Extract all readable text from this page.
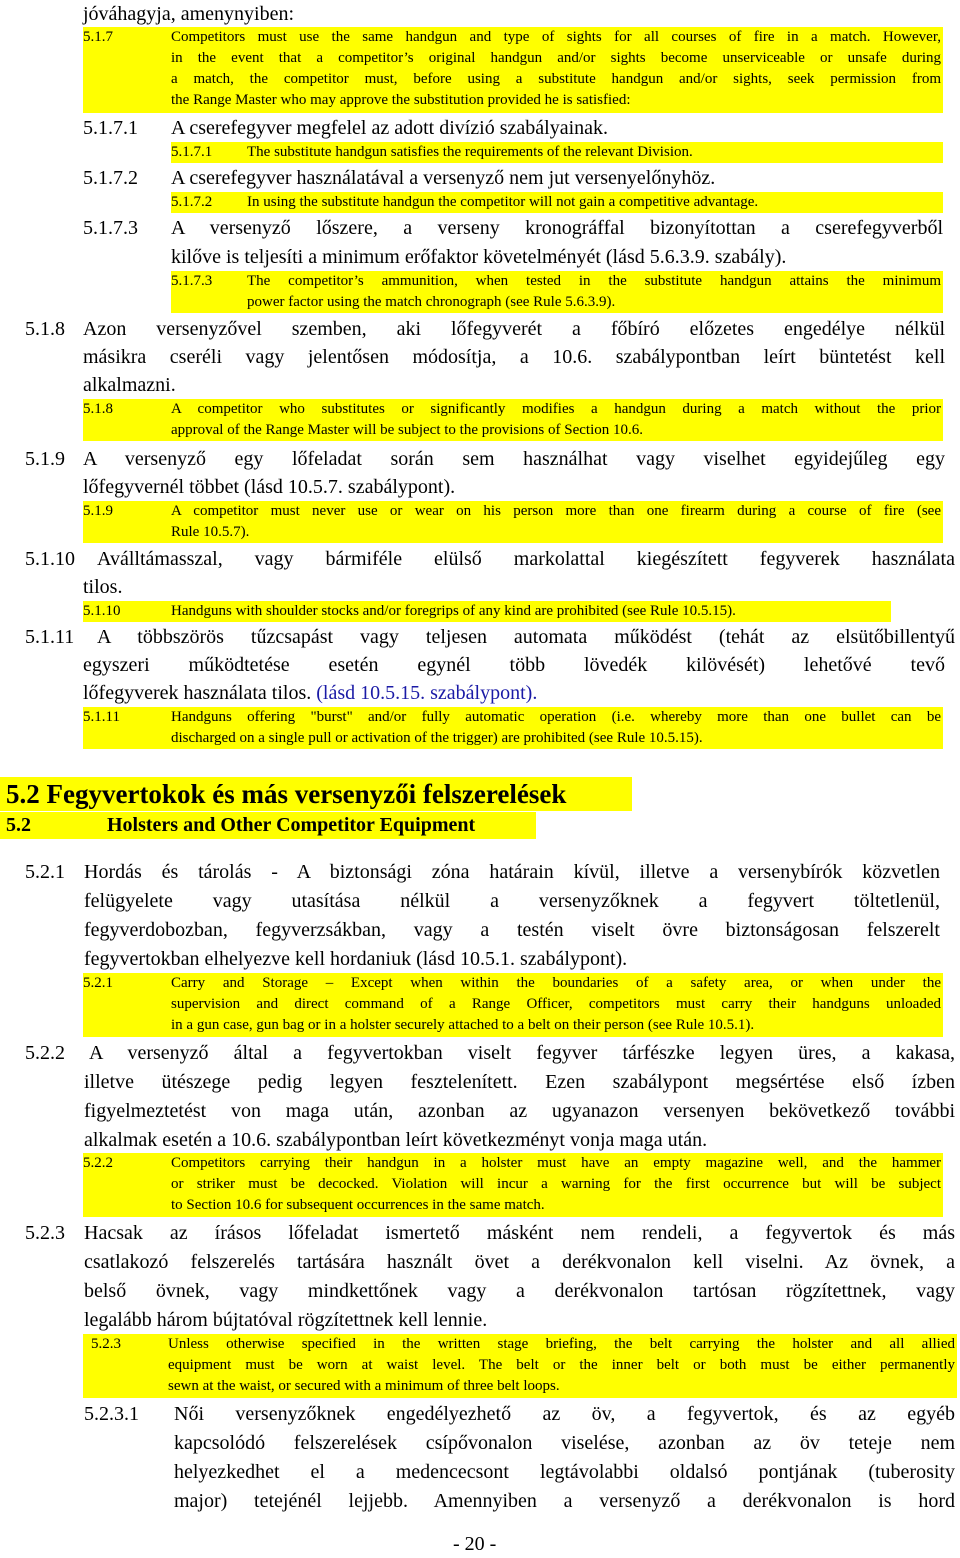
jóváhagyja, amenynyiben:
5.1.7	Competitors must use the same handgun and type of sights for all courses of fire in a match. However,
in the event that a competitor’s original handgun and/or sights become unserviceable or unsafe during
a match, the competitor must, before using a substitute handgun and/or sights, seek permission from
the Range Master who may approve the substitution provided he is satisfied:
5.1.7.1 A cserefegyver megfelel az adott divízió szabályainak.
5.1.7.1 The substitute handgun satisfies the requirements of the relevant Division.
5.1.7.2 A cserefegyver használatával a versenyző nem jut versenyelőnyhöz.
5.1.7.2 In using the substitute handgun the competitor will not gain a competitive advantage.
5.1.7.3 A versenyző lőszere, a verseny kronográffal bizonyítottan a cserefegyverből
kilőve is teljesíti a minimum erőfaktor követelményét (lásd 5.6.3.9. szabály).
5.1.7.3 The competitor’s ammunition, when tested in the substitute handgun attains the minimum
power factor using the match chronograph (see Rule 5.6.3.9).
5.1.8 Azon versenyzővel szemben, aki lőfegyverét a főbíró előzetes engedélye nélkül
másikra cseréli vagy jelentősen módosítja, a 10.6. szabálypontban leírt büntetést kell
alkalmazni.
5.1.8	A competitor who substitutes or significantly modifies a handgun during a match without the prior
approval of the Range Master will be subject to the provisions of Section 10.6.
5.1.9 A versenyző egy lőfeladat során sem használhat vagy viselhet egyidejűleg egy
lőfegyvernél többet (lásd 10.5.7. szabálypont).
5.1.9	A competitor must never use or wear on his person more than one firearm during a course of fire (see
Rule 10.5.7).
5.1.10 Aválltámasszal, vagy bármiféle elülső markolattal kiegészített fegyverek használata
tilos.
5.1.10	Handguns with shoulder stocks and/or foregrips of any kind are prohibited (see Rule 10.5.15).
5.1.11 A többszörös tűzcsapást vagy teljesen automata működést (tehát az elsütőbillentyű
egyszeri működtetése esetén egynél több lövedék kilövését) lehetővé tevő
lőfegyverek használata tilos. (lásd 10.5.15. szabálypont).
5.1.11	Handguns offering "burst" and/or fully automatic operation (i.e. whereby more than one bullet can be
discharged on a single pull or activation of the trigger) are prohibited (see Rule 10.5.15).
5.2 Fegyvertokok és más versenyzői felszerelések
5.2	Holsters and Other Competitor Equipment
5.2.1 Hordás és tárolás - A biztonsági zóna határain kívül, illetve a versenybírók közvetlen
felügyelete vagy utasítása nélkül a versenyzőknek a fegyvert töltetlenül,
fegyverdobozban, fegyverzsákban, vagy a testén viselt övre biztonságosan felszerelt
fegyvertokban elhelyezve kell hordaniuk (lásd 10.5.1. szabálypont).
5.2.1	Carry and Storage – Except when within the boundaries of a safety area, or when under the
supervision and direct command of a Range Officer, competitors must carry their handguns unloaded
in a gun case, gun bag or in a holster securely attached to a belt on their person (see Rule 10.5.1).
5.2.2 A versenyző által a fegyvertokban viselt fegyver tárfészke legyen üres, a kakasa,
illetve ütészege pedig legyen fesztelenített. Ezen szabálypont megsértése első ízben
figyelmeztetést von maga után, azonban az ugyanazon versenyen bekövetkező további
alkalmak esetén a 10.6. szabálypontban leírt következményt vonja maga után.
5.2.2	Competitors carrying their handgun in a holster must have an empty magazine well, and the hammer
or striker must be decocked. Violation will incur a warning for the first occurrence but will be subject
to Section 10.6 for subsequent occurrences in the same match.
5.2.3 Hacsak az írásos lőfeladat ismertető másként nem rendeli, a fegyvertok és más
csatlakozó felszerelés tartására használt övet a derékvonalon kell viselni. Az övnek, a
belső övnek, vagy mindkettőnek vagy a derékvonalon tartósan rögzítettnek, vagy
legalább három bújtatóval rögzítettnek kell lennie.
5.2.3	Unless otherwise specified in the written stage briefing, the belt carrying the holster and all allied
equipment must be worn at waist level. The belt or the inner belt or both must be either permanently
sewn at the waist, or secured with a minimum of three belt loops.
5.2.3.1 Női versenyzőknek engedélyezhető az öv, a fegyvertok, és az egyéb
kapcsolódó felszerelések csípővonalon viselése, azonban az öv teteje nem
helyezkedhet el a medencecsont legtávolabbi oldalsó pontjának (tuberosity
major) tetejénél lejjebb. Amennyiben a versenyző a derékvonalon is hord
- 20 -
